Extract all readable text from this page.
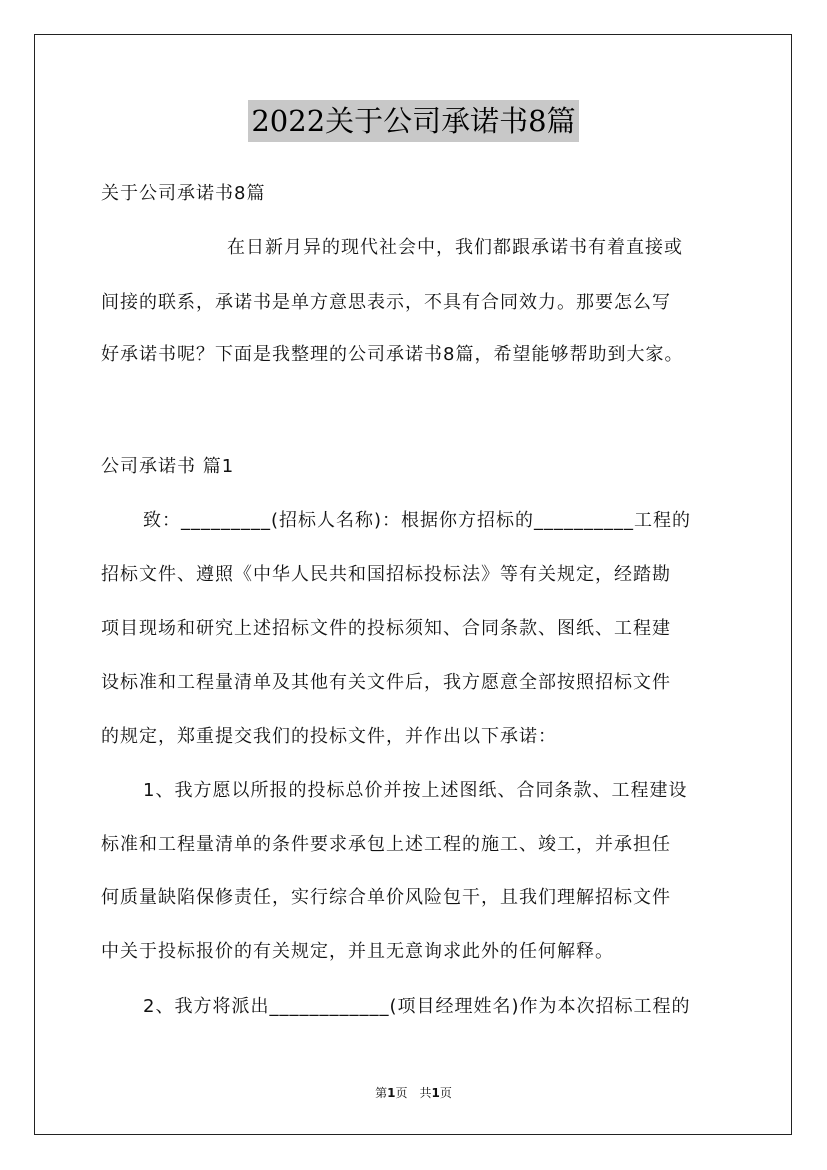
2022关于公司承诺书8篇
关于公司承诺书8篇
在日新月异的现代社会中，我们都跟承诺书有着直接或
间接的联系，承诺书是单方意思表示，不具有合同效力。那要怎么写
好承诺书呢？下面是我整理的公司承诺书8篇，希望能够帮助到大家。
公司承诺书 篇1
致：_________(招标人名称)：根据你方招标的__________工程的
招标文件、遵照《中华人民共和国招标投标法》等有关规定，经踏勘
项目现场和研究上述招标文件的投标须知、合同条款、图纸、工程建
设标准和工程量清单及其他有关文件后，我方愿意全部按照招标文件
的规定，郑重提交我们的投标文件，并作出以下承诺：
1、我方愿以所报的投标总价并按上述图纸、合同条款、工程建设
标准和工程量清单的条件要求承包上述工程的施工、竣工，并承担任
何质量缺陷保修责任，实行综合单价风险包干，且我们理解招标文件
中关于投标报价的有关规定，并且无意询求此外的任何解释。
2、我方将派出____________(项目经理姓名)作为本次招标工程的
第1页　共1页
